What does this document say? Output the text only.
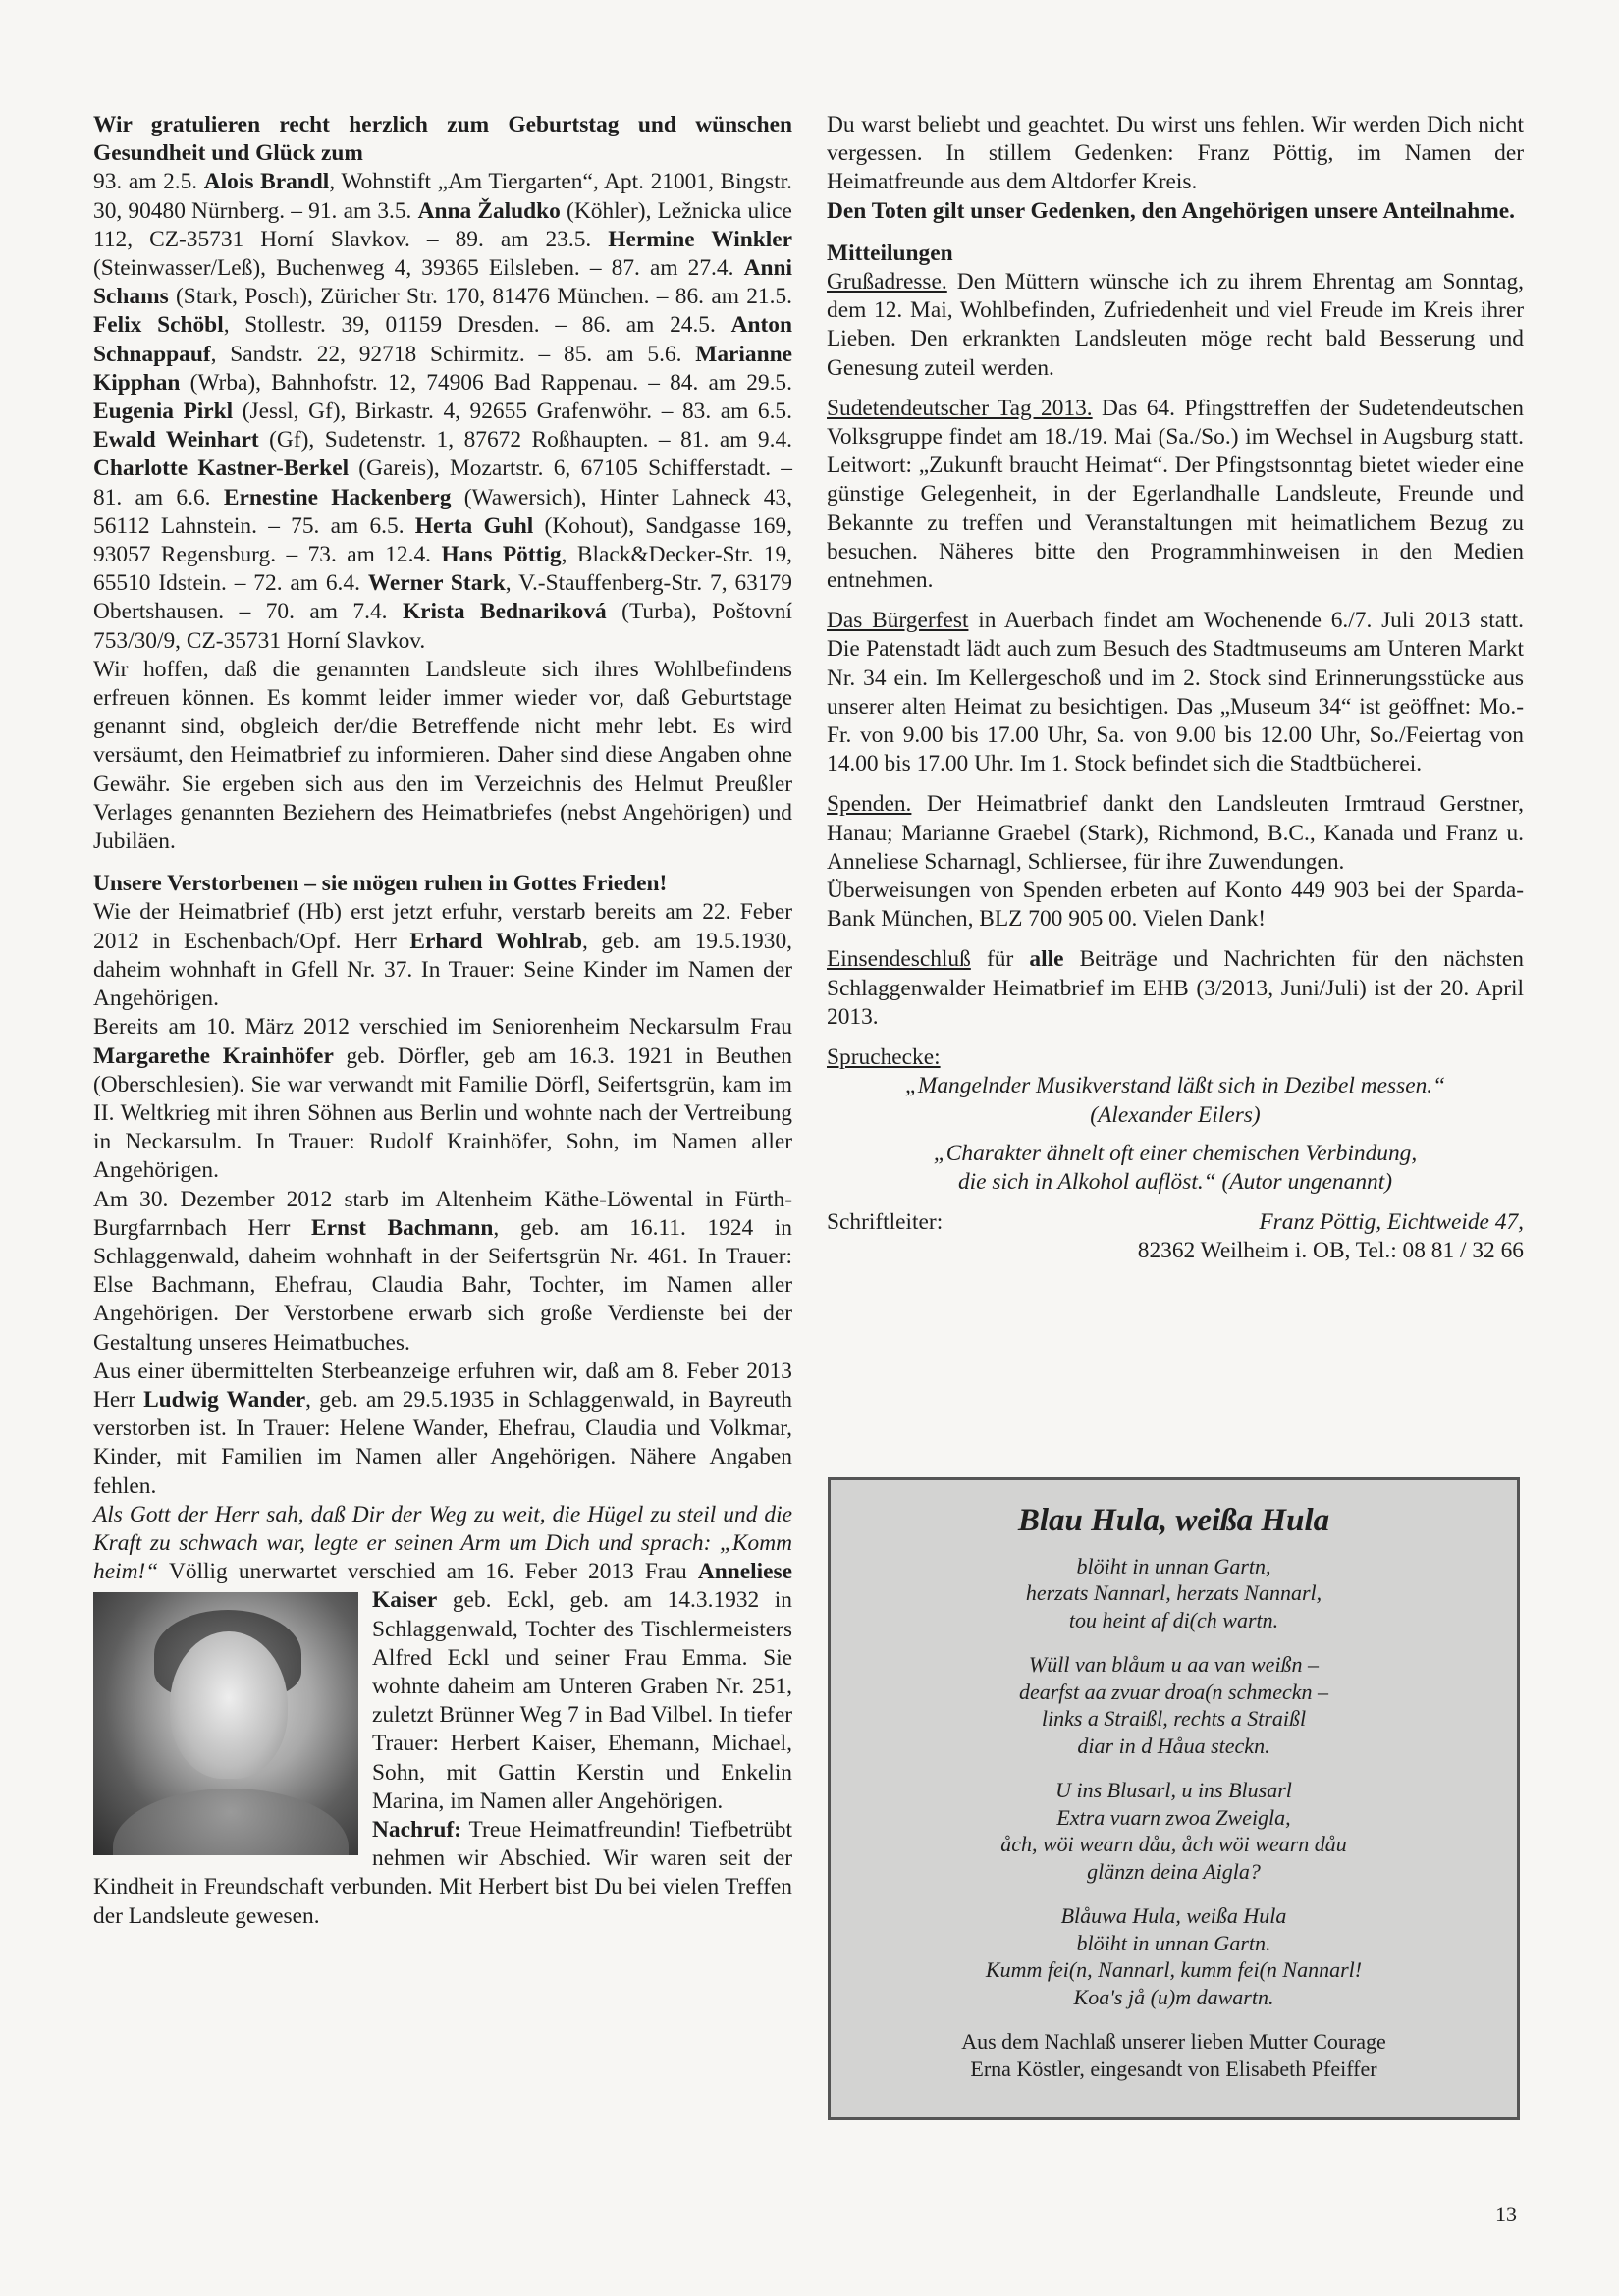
Wir gratulieren recht herzlich zum Geburtstag und wünschen Gesundheit und Glück zum

93. am 2.5. Alois Brandl, Wohnstift „Am Tiergarten“, Apt. 21001, Bingstr. 30, 90480 Nürnberg. – 91. am 3.5. Anna Žaludko (Köhler), Ležnicka ulice 112, CZ-35731 Horní Slavkov. – 89. am 23.5. Hermine Winkler (Steinwasser/Leß), Buchenweg 4, 39365 Eilsleben. – 87. am 27.4. Anni Schams (Stark, Posch), Züricher Str. 170, 81476 München. – 86. am 21.5. Felix Schöbl, Stollestr. 39, 01159 Dresden. – 86. am 24.5. Anton Schnappauf, Sandstr. 22, 92718 Schirmitz. – 85. am 5.6. Marianne Kipphan (Wrba), Bahnhofstr. 12, 74906 Bad Rappenau. – 84. am 29.5. Eugenia Pirkl (Jessl, Gf), Birkastr. 4, 92655 Grafenwöhr. – 83. am 6.5. Ewald Weinhart (Gf), Sudetenstr. 1, 87672 Roßhaupten. – 81. am 9.4. Charlotte Kastner-Berkel (Gareis), Mozartstr. 6, 67105 Schifferstadt. – 81. am 6.6. Ernestine Hackenberg (Wawersich), Hinter Lahneck 43, 56112 Lahnstein. – 75. am 6.5. Herta Guhl (Kohout), Sandgasse 169, 93057 Regensburg. – 73. am 12.4. Hans Pöttig, Black&Decker-Str. 19, 65510 Idstein. – 72. am 6.4. Werner Stark, V.-Stauffenberg-Str. 7, 63179 Obertshausen. – 70. am 7.4. Krista Bednariková (Turba), Poštovní 753/30/9, CZ-35731 Horní Slavkov.

Wir hoffen, daß die genannten Landsleute sich ihres Wohlbefindens erfreuen können. Es kommt leider immer wieder vor, daß Geburtstage genannt sind, obgleich der/die Betreffende nicht mehr lebt. Es wird versäumt, den Heimatbrief zu informieren. Daher sind diese Angaben ohne Gewähr. Sie ergeben sich aus den im Verzeichnis des Helmut Preußler Verlages genannten Beziehern des Heimatbriefes (nebst Angehörigen) und Jubiläen.

Unsere Verstorbenen – sie mögen ruhen in Gottes Frieden!

Wie der Heimatbrief (Hb) erst jetzt erfuhr, verstarb bereits am 22. Feber 2012 in Eschenbach/Opf. Herr Erhard Wohlrab, geb. am 19.5.1930, daheim wohnhaft in Gfell Nr. 37. In Trauer: Seine Kinder im Namen der Angehörigen.

Bereits am 10. März 2012 verschied im Seniorenheim Neckarsulm Frau Margarethe Krainhöfer geb. Dörfler, geb am 16.3. 1921 in Beuthen (Oberschlesien). Sie war verwandt mit Familie Dörfl, Seifertsgrün, kam im II. Weltkrieg mit ihren Söhnen aus Berlin und wohnte nach der Vertreibung in Neckarsulm. In Trauer: Rudolf Krainhöfer, Sohn, im Namen aller Angehörigen.

Am 30. Dezember 2012 starb im Altenheim Käthe-Löwental in Fürth-Burgfarrnbach Herr Ernst Bachmann, geb. am 16.11. 1924 in Schlaggenwald, daheim wohnhaft in der Seifertsgrün Nr. 461. In Trauer: Else Bachmann, Ehefrau, Claudia Bahr, Tochter, im Namen aller Angehörigen. Der Verstorbene erwarb sich große Verdienste bei der Gestaltung unseres Heimatbuches.

Aus einer übermittelten Sterbeanzeige erfuhren wir, daß am 8. Feber 2013 Herr Ludwig Wander, geb. am 29.5.1935 in Schlaggenwald, in Bayreuth verstorben ist. In Trauer: Helene Wander, Ehefrau, Claudia und Volkmar, Kinder, mit Familien im Namen aller Angehörigen. Nähere Angaben fehlen.

Als Gott der Herr sah, daß Dir der Weg zu weit, die Hügel zu steil und die Kraft zu schwach war, legte er seinen Arm um Dich und sprach: „Komm heim!“ Völlig unerwartet verschied am 16. Feber 2013 Frau
Anneliese Kaiser geb. Eckl, geb. am 14.3.1932 in Schlaggenwald, Tochter des Tischlermeisters Alfred Eckl und seiner Frau Emma. Sie wohnte daheim am Unteren Graben Nr. 251, zuletzt Brünner Weg 7 in Bad Vilbel. In tiefer Trauer: Herbert Kaiser, Ehemann, Michael, Sohn, mit Gattin Kerstin und Enkelin Marina, im Namen aller Angehörigen.

Nachruf: Treue Heimatfreundin! Tiefbetrübt nehmen wir Abschied. Wir waren seit der Kindheit in Freundschaft verbunden. Mit Herbert bist Du bei vielen Treffen der Landsleute gewesen.

Du warst beliebt und geachtet. Du wirst uns fehlen. Wir werden Dich nicht vergessen. In stillem Gedenken: Franz Pöttig, im Namen der Heimatfreunde aus dem Altdorfer Kreis.

Den Toten gilt unser Gedenken, den Angehörigen unsere Anteilnahme.

Mitteilungen

Grußadresse. Den Müttern wünsche ich zu ihrem Ehrentag am Sonntag, dem 12. Mai, Wohlbefinden, Zufriedenheit und viel Freude im Kreis ihrer Lieben. Den erkrankten Landsleuten möge recht bald Besserung und Genesung zuteil werden.

Sudetendeutscher Tag 2013. Das 64. Pfingsttreffen der Sudetendeutschen Volksgruppe findet am 18./19. Mai (Sa./So.) im Wechsel in Augsburg statt. Leitwort: „Zukunft braucht Heimat“. Der Pfingstsonntag bietet wieder eine günstige Gelegenheit, in der Egerlandhalle Landsleute, Freunde und Bekannte zu treffen und Veranstaltungen mit heimatlichem Bezug zu besuchen. Näheres bitte den Programmhinweisen in den Medien entnehmen.

Das Bürgerfest in Auerbach findet am Wochenende 6./7. Juli 2013 statt. Die Patenstadt lädt auch zum Besuch des Stadtmuseums am Unteren Markt Nr. 34 ein. Im Kellergeschoß und im 2. Stock sind Erinnerungsstücke aus unserer alten Heimat zu besichtigen. Das „Museum 34“ ist geöffnet: Mo.-Fr. von 9.00 bis 17.00 Uhr, Sa. von 9.00 bis 12.00 Uhr, So./Feiertag von 14.00 bis 17.00 Uhr. Im 1. Stock befindet sich die Stadtbücherei.

Spenden. Der Heimatbrief dankt den Landsleuten Irmtraud Gerstner, Hanau; Marianne Graebel (Stark), Richmond, B.C., Kanada und Franz u. Anneliese Scharnagl, Schliersee, für ihre Zuwendungen.

Überweisungen von Spenden erbeten auf Konto 449 903 bei der Sparda-Bank München, BLZ 700 905 00. Vielen Dank!

Einsendeschluß für alle Beiträge und Nachrichten für den nächsten Schlaggenwalder Heimatbrief im EHB (3/2013, Juni/Juli) ist der 20. April 2013.

Spruchecke:

„Mangelnder Musikverstand läßt sich in Dezibel messen.“

(Alexander Eilers)

„Charakter ähnelt oft einer chemischen Verbindung,

die sich in Alkohol auflöst.“ (Autor ungenannt)

Schriftleiter:	Franz Pöttig, Eichtweide 47,

82362 Weilheim i. OB, Tel.: 08 81 / 32 66

Blau Hula, weißa Hula
blöiht in unnan Gartn,
herzats Nannarl, herzats Nannarl,
tou heint af di(ch wartn.
Wüll van blåum u aa van weißn –
dearfst aa zvuar droa(n schmeckn –
links a Straißl, rechts a Straißl
diar in d Håua steckn.
U ins Blusarl, u ins Blusarl
Extra vuarn zwoa Zweigla,
åch, wöi wearn dåu, åch wöi wearn dåu
glänzn deina Aigla?
Blåuwa Hula, weißa Hula
blöiht in unnan Gartn.
Kumm fei(n, Nannarl, kumm fei(n Nannarl!
Koa's jå (u)m dawartn.
Aus dem Nachlaß unserer lieben Mutter Courage
Erna Köstler, eingesandt von Elisabeth Pfeiffer
13
